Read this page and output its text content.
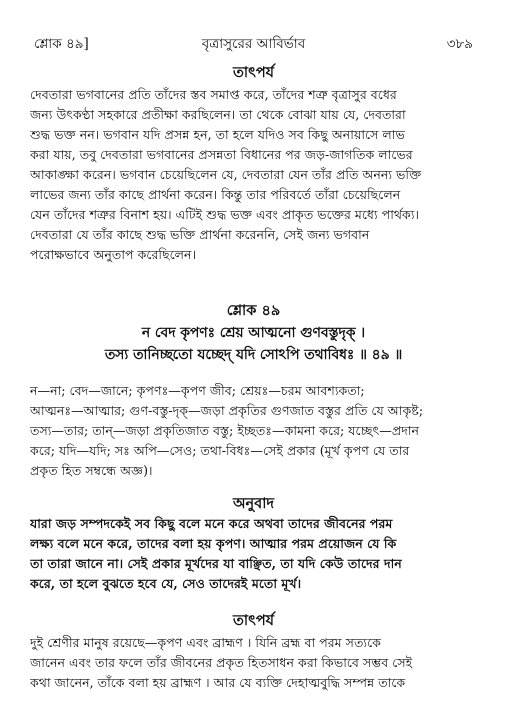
শ্লোক ৪৯]	বৃত্রাসুরের আবির্ভাব	৩৮৯
তাৎপর্য
দেবতারা ভগবানের প্রতি তাঁদের স্তব সমাপ্ত করে, তাঁদের শত্রু বৃত্রাসুর বধের
জন্য উৎকণ্ঠা সহকারে প্রতীক্ষা করছিলেন। তা থেকে বোঝা যায় যে, দেবতারা
শুদ্ধ ভক্ত নন। ভগবান যদি প্রসন্ন হন, তা হলে যদিও সব কিছু অনায়াসে লাভ
করা যায়, তবু দেবতারা ভগবানের প্রসন্নতা বিধানের পর জড়-জাগতিক লাভের
আকাঙ্ক্ষা করেন। ভগবান চেয়েছিলেন যে, দেবতারা যেন তাঁর প্রতি অনন্য ভক্তি
লাভের জন্য তাঁর কাছে প্রার্থনা করেন। কিন্তু তার পরিবর্তে তাঁরা চেয়েছিলেন
যেন তাঁদের শত্রুর বিনাশ হয়। এটিই শুদ্ধ ভক্ত এবং প্রাকৃত ভক্তের মধ্যে পার্থক্য।
দেবতারা যে তাঁর কাছে শুদ্ধ ভক্তি প্রার্থনা করেননি, সেই জন্য ভগবান
পরোক্ষভাবে অনুতাপ করেছিলেন।
শ্লোক ৪৯
ন বেদ কৃপণঃ শ্রেয় আত্মনো গুণবস্তুদৃক্ ।
তস্য তানিচ্ছতো যচ্ছেদ্ যদি সোঽপি তথাবিধঃ ॥ ৪৯ ॥
ন—না; বেদ—জানে; কৃপণঃ—কৃপণ জীব; শ্রেয়ঃ—চরম আবশ্যকতা;
আত্মনঃ—আত্মার; গুণ-বস্তু-দৃক্—জড়া প্রকৃতির গুণজাত বস্তুর প্রতি যে আকৃষ্ট;
তস্য—তার; তান্—জড়া প্রকৃতিজাত বস্তু; ইচ্ছতঃ—কামনা করে; যচ্ছেৎ—প্রদান
করে; যদি—যদি; সঃ অপি—সেও; তথা-বিধঃ—সেই প্রকার (মূর্খ কৃপণ যে তার
প্রকৃত হিত সম্বন্ধে অজ্ঞ)।
অনুবাদ
যারা জড় সম্পদকেই সব কিছু বলে মনে করে অথবা তাদের জীবনের পরম
লক্ষ্য বলে মনে করে, তাদের বলা হয় কৃপণ। আত্মার পরম প্রয়োজন যে কি
তা তারা জানে না। সেই প্রকার মূর্খদের যা বাঞ্ছিত, তা যদি কেউ তাদের দান
করে, তা হলে বুঝতে হবে যে, সেও তাদেরই মতো মূর্খ।
তাৎপর্য
দুই শ্রেণীর মানুষ রয়েছে—কৃপণ এবং ব্রাহ্মণ । যিনি ব্রহ্ম বা পরম সত্যকে
জানেন এবং তার ফলে তাঁর জীবনের প্রকৃত হিতসাধন করা কিভাবে সম্ভব সেই
কথা জানেন, তাঁকে বলা হয় ব্রাহ্মণ । আর যে ব্যক্তি দেহাত্মবুদ্ধি সম্পন্ন তাকে
